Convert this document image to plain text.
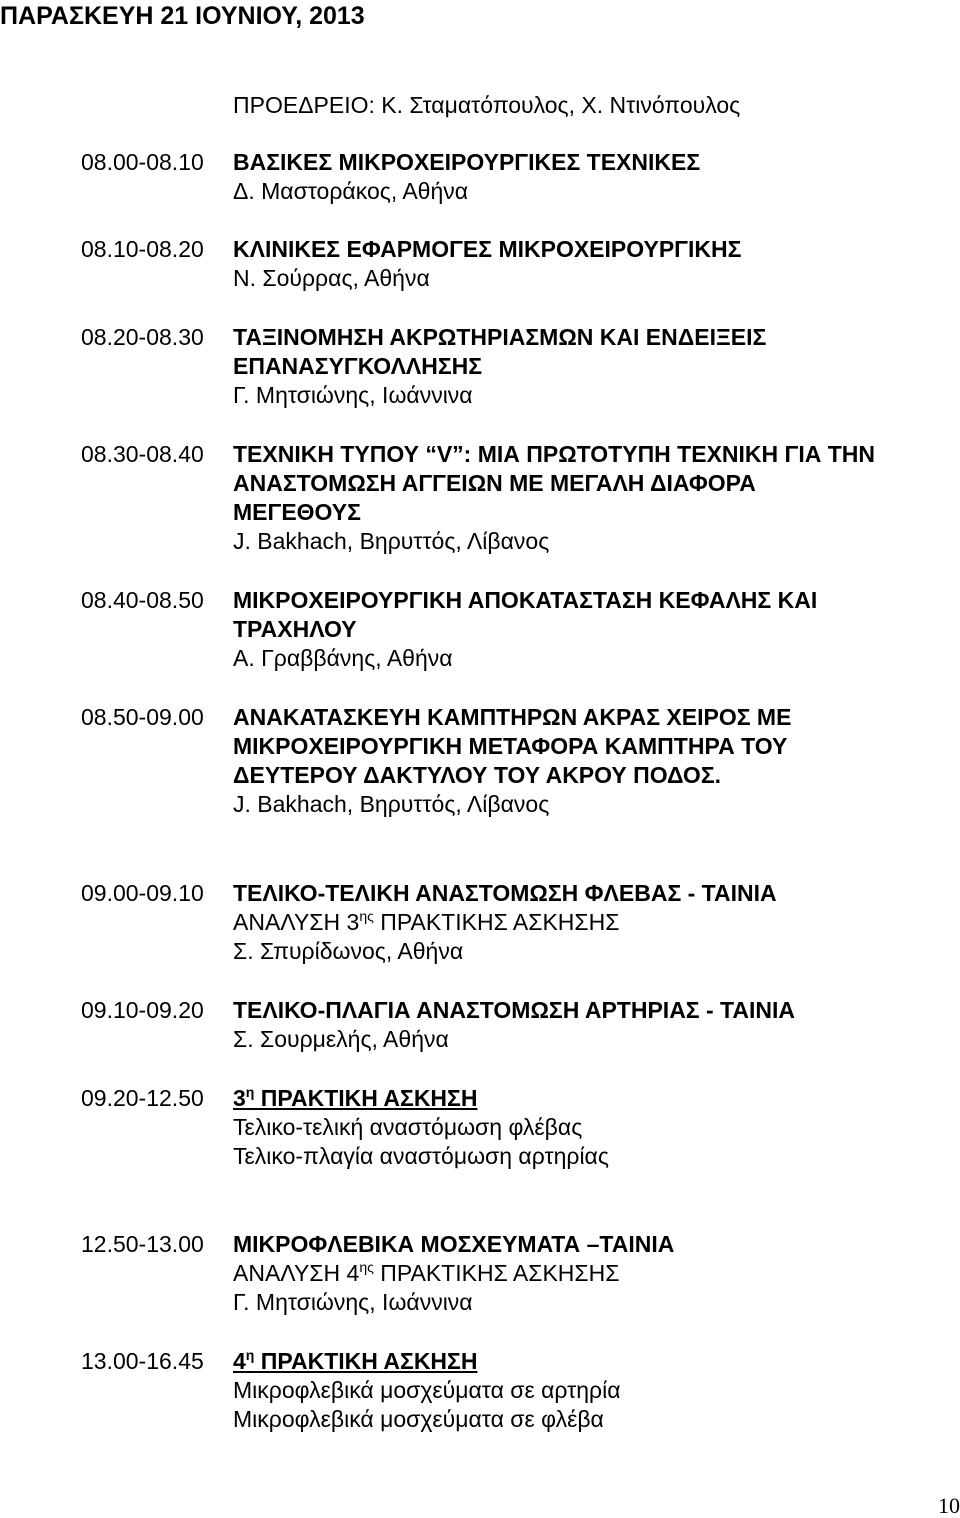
ΠΑΡΑΣΚΕΥΗ 21 ΙΟΥΝΙΟΥ, 2013
ΠΡΟΕΔΡΕΙΟ: Κ. Σταματόπουλος, Χ. Ντινόπουλος
08.00-08.10	ΒΑΣΙΚΕΣ ΜΙΚΡΟΧΕΙΡΟΥΡΓΙΚΕΣ ΤΕΧΝΙΚΕΣ
Δ. Μαστοράκος, Αθήνα
08.10-08.20	ΚΛΙΝΙΚΕΣ ΕΦΑΡΜΟΓΕΣ ΜΙΚΡΟΧΕΙΡΟΥΡΓΙΚΗΣ
Ν. Σούρρας, Αθήνα
08.20-08.30	ΤΑΞΙΝΟΜΗΣΗ ΑΚΡΩΤΗΡΙΑΣΜΩΝ ΚΑΙ ΕΝΔΕΙΞΕΙΣ
ΕΠΑΝΑΣΥΓΚΟΛΛΗΣΗΣ
Γ. Μητσιώνης, Ιωάννινα
08.30-08.40	ΤΕΧΝΙΚΗ ΤΥΠΟΥ “V”: ΜΙΑ ΠΡΩΤΟΤΥΠΗ ΤΕΧΝΙΚΗ ΓΙΑ ΤΗΝ
ΑΝΑΣΤΟΜΩΣΗ ΑΓΓΕΙΩΝ ΜΕ ΜΕΓΑΛΗ ΔΙΑΦΟΡΑ
ΜΕΓΕΘΟΥΣ
J. Bakhach, Βηρυττός, Λίβανος
08.40-08.50	ΜΙΚΡΟΧΕΙΡΟΥΡΓΙΚΗ ΑΠΟΚΑΤΑΣΤΑΣΗ ΚΕΦΑΛΗΣ ΚΑΙ
ΤΡΑΧΗΛΟΥ
Α. Γραββάνης, Αθήνα
08.50-09.00	ΑΝΑΚΑΤΑΣΚΕΥΗ ΚΑΜΠΤΗΡΩΝ ΑΚΡΑΣ ΧΕΙΡΟΣ ΜΕ
ΜΙΚΡΟΧΕΙΡΟΥΡΓΙΚΗ ΜΕΤΑΦΟΡΑ ΚΑΜΠΤΗΡΑ ΤΟΥ
ΔΕΥΤΕΡΟΥ ΔΑΚΤΥΛΟΥ ΤΟΥ ΑΚΡΟΥ ΠΟΔΟΣ.
J. Bakhach, Βηρυττός, Λίβανος
09.00-09.10	ΤΕΛΙΚΟ-ΤΕΛΙΚΗ ΑΝΑΣΤΟΜΩΣΗ ΦΛΕΒΑΣ - ΤΑΙΝΙΑ
ΑΝΑΛΥΣΗ $3^{\eta\varsigma}$ ΠΡΑΚΤΙΚΗΣ ΑΣΚΗΣΗΣ
Σ. Σπυρίδωνος, Αθήνα
09.10-09.20	ΤΕΛΙΚΟ-ΠΛΑΓΙΑ ΑΝΑΣΤΟΜΩΣΗ ΑΡΤΗΡΙΑΣ - ΤΑΙΝΙΑ
Σ. Σουρμελής, Αθήνα
09.20-12.50	$3^\eta$ ΠΡΑΚΤΙΚΗ ΑΣΚΗΣΗ
Τελικο-τελική αναστόμωση φλέβας
Τελικο-πλαγία αναστόμωση αρτηρίας
12.50-13.00	ΜΙΚΡΟΦΛΕΒΙΚΑ ΜΟΣΧΕΥΜΑΤΑ –ΤΑΙΝΙΑ
ΑΝΑΛΥΣΗ $4^{\eta\varsigma}$ ΠΡΑΚΤΙΚΗΣ ΑΣΚΗΣΗΣ
Γ. Μητσιώνης, Ιωάννινα
13.00-16.45	$4^\eta$ ΠΡΑΚΤΙΚΗ ΑΣΚΗΣΗ
Μικροφλεβικά μοσχεύματα σε αρτηρία
Μικροφλεβικά μοσχεύματα σε φλέβα
10
